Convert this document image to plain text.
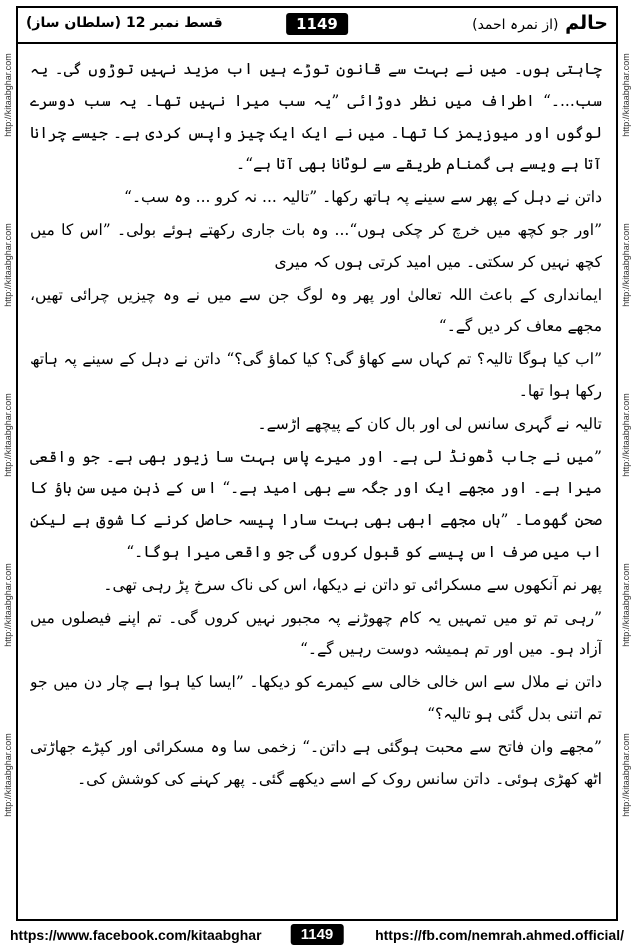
http://kitaabghar.com
http://kitaabghar.com
http://kitaabghar.com
http://kitaabghar.com
http://kitaabghar.com
http://kitaabghar.com
http://kitaabghar.com
http://kitaabghar.com
http://kitaabghar.com
http://kitaabghar.com
حالم (از نمرہ احمد)
1149
قسط نمبر 12 (سلطان ساز)

چاہتی ہوں۔ میں نے بہت سے قانون توڑے ہیں اب مزید نہیں توڑوں گی۔ یہ سب...۔“ اطراف میں نظر دوڑائی ”یہ سب میرا نہیں تھا۔ یہ سب دوسرے لوگوں اور میوزیمز کا تھا۔ میں نے ایک ایک چیز واپس کردی ہے۔ جیسے چرانا آتا ہے ویسے ہی گمنام طریقے سے لوٹانا بھی آتا ہے“۔

داتن نے دہل کے پھر سے سینے پہ ہاتھ رکھا۔ ”تالیہ ... نہ کرو ... وہ سب۔“

”اور جو کچھ میں خرچ کر چکی ہوں“... وہ بات جاری رکھتے ہوئے بولی۔ ”اس کا میں کچھ نہیں کر سکتی۔ میں امید کرتی ہوں کہ میری

ایمانداری کے باعث اللہ تعالیٰ اور پھر وہ لوگ جن سے میں نے وہ چیزیں چرائی تھیں، مجھے معاف کر دیں گے۔“

”اب کیا ہوگا تالیہ؟ تم کہاں سے کھاؤ گی؟ کیا کماؤ گی؟“ داتن نے دہل کے سینے پہ ہاتھ رکھا ہوا تھا۔

تالیہ نے گہری سانس لی اور بال کان کے پیچھے اڑسے۔

”میں نے جاب ڈھونڈ لی ہے۔ اور میرے پاس بہت سا زیور بھی ہے۔ جو واقعی میرا ہے۔ اور مجھے ایک اور جگہ سے بھی امید ہے۔“ اس کے ذہن میں سن باؤ کا صحن گھوما۔ ”ہاں مجھے ابھی بھی بہت سارا پیسہ حاصل کرنے کا شوق ہے لیکن اب میں صرف اس پیسے کو قبول کروں گی جو واقعی میرا ہوگا۔“

پھر نم آنکھوں سے مسکرائی تو داتن نے دیکھا، اس کی ناک سرخ پڑ رہی تھی۔

”رہی تم تو میں تمہیں یہ کام چھوڑنے پہ مجبور نہیں کروں گی۔ تم اپنے فیصلوں میں آزاد ہو۔ میں اور تم ہمیشہ دوست رہیں گے۔“

داتن نے ملال سے اس خالی خالی سے کیمرے کو دیکھا۔ ”ایسا کیا ہوا ہے چار دن میں جو تم اتنی بدل گئی ہو تالیہ؟“

”مجھے وان فاتح سے محبت ہوگئی ہے داتن۔“ زخمی سا وہ مسکرائی اور کپڑے جھاڑتی اٹھ کھڑی ہوئی۔ داتن سانس روک کے اسے دیکھے گئی۔ پھر کہنے کی کوشش کی۔

https://www.facebook.com/kitaabghar	1149	https://fb.com/nemrah.ahmed.official/
